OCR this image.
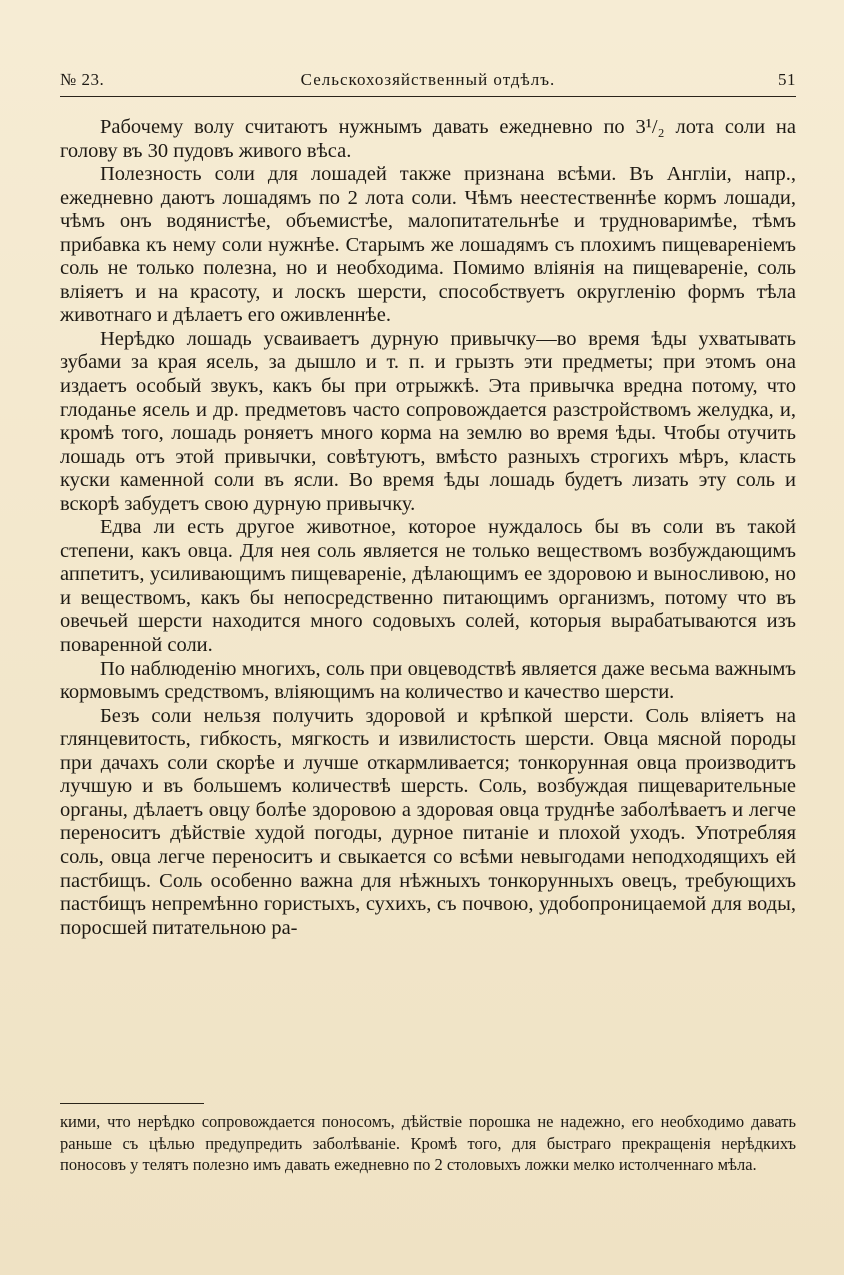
№ 23.	Сельскохозяйственный отдѣлъ.	51

Рабочему волу считаютъ нужнымъ давать ежедневно по 3¹/₂ лота соли на голову въ 30 пудовъ живого вѣса.

Полезность соли для лошадей также признана всѣми. Въ Англіи, напр., ежедневно даютъ лошадямъ по 2 лота соли. Чѣмъ неестественнѣе кормъ лошади, чѣмъ онъ водянистѣе, объемистѣе, малопитательнѣе и трудноваримѣе, тѣмъ прибавка къ нему соли нужнѣе. Старымъ же лошадямъ съ плохимъ пищевареніемъ соль не только полезна, но и необходима. Помимо вліянія на пищевареніе, соль вліяетъ и на красоту, и лоскъ шерсти, способствуетъ округленію формъ тѣла животнаго и дѣлаетъ его оживленнѣе.

Нерѣдко лошадь усваиваетъ дурную привычку—во время ѣды ухватывать зубами за края ясель, за дышло и т. п. и грызть эти предметы; при этомъ она издаетъ особый звукъ, какъ бы при отрыжкѣ. Эта привычка вредна потому, что глоданье ясель и др. предметовъ часто сопровождается разстройствомъ желудка, и, кромѣ того, лошадь роняетъ много корма на землю во время ѣды. Чтобы отучить лошадь отъ этой привычки, совѣтуютъ, вмѣсто разныхъ строгихъ мѣръ, класть куски каменной соли въ ясли. Во время ѣды лошадь будетъ лизать эту соль и вскорѣ забудетъ свою дурную привычку.

Едва ли есть другое животное, которое нуждалось бы въ соли въ такой степени, какъ овца. Для нея соль является не только веществомъ возбуждающимъ аппетитъ, усиливающимъ пищевареніе, дѣлающимъ ее здоровою и выносливою, но и веществомъ, какъ бы непосредственно питающимъ организмъ, потому что въ овечьей шерсти находится много содовыхъ солей, которыя вырабатываются изъ поваренной соли.

По наблюденію многихъ, соль при овцеводствѣ является даже весьма важнымъ кормовымъ средствомъ, вліяющимъ на количество и качество шерсти.

Безъ соли нельзя получить здоровой и крѣпкой шерсти. Соль вліяетъ на глянцевитость, гибкость, мягкость и извилистость шерсти. Овца мясной породы при дачахъ соли скорѣе и лучше откармливается; тонкорунная овца производитъ лучшую и въ большемъ количествѣ шерсть. Соль, возбуждая пищеварительные органы, дѣлаетъ овцу болѣе здоровою а здоровая овца труднѣе заболѣваетъ и легче переноситъ дѣйствіе худой погоды, дурное питаніе и плохой уходъ. Употребляя соль, овца легче переноситъ и свыкается со всѣми невыгодами неподходящихъ ей пастбищъ. Соль особенно важна для нѣжныхъ тонкорунныхъ овецъ, требующихъ пастбищъ непремѣнно гористыхъ, сухихъ, съ почвою, удобопроницаемой для воды, поросшей питательною ра-

кими, что нерѣдко сопровождается поносомъ, дѣйствіе порошка не надежно, его необходимо давать раньше съ цѣлью предупредить заболѣваніе. Кромѣ того, для быстраго прекращенія нерѣдкихъ поносовъ у телятъ полезно имъ давать ежедневно по 2 столовыхъ ложки мелко истолченнаго мѣла.
